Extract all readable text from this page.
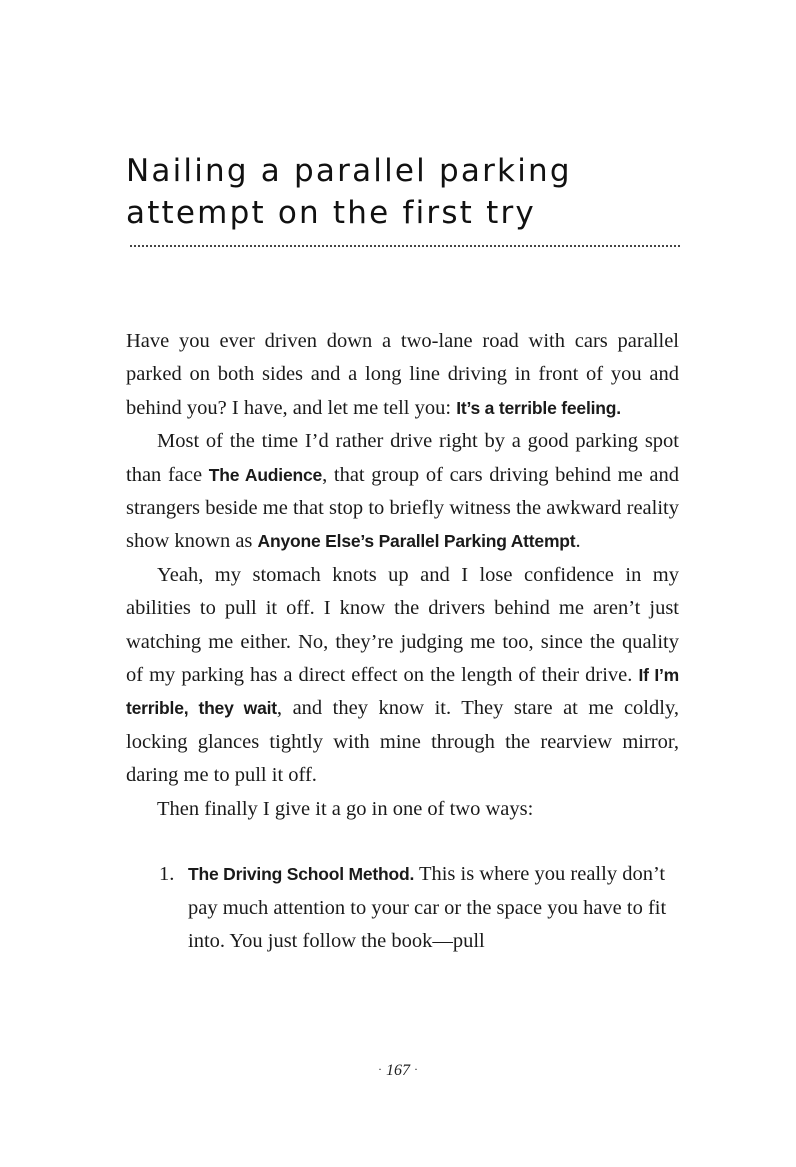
Nailing a parallel parking
attempt on the first try

Have you ever driven down a two-lane road with cars parallel parked on both sides and a long line driving in front of you and behind you? I have, and let me tell you: It’s a terrible feeling.

Most of the time I’d rather drive right by a good parking spot than face The Audience, that group of cars driving behind me and strangers beside me that stop to briefly witness the awkward reality show known as Anyone Else’s Parallel Parking Attempt.

Yeah, my stomach knots up and I lose confidence in my abilities to pull it off. I know the drivers behind me aren’t just watching me either. No, they’re judging me too, since the quality of my parking has a direct effect on the length of their drive. If I’m terrible, they wait, and they know it. They stare at me coldly, locking glances tightly with mine through the rearview mirror, daring me to pull it off.

Then finally I give it a go in one of two ways:

1. The Driving School Method. This is where you really don’t pay much attention to your car or the space you have to fit into. You just follow the book—pull
· 167 ·
